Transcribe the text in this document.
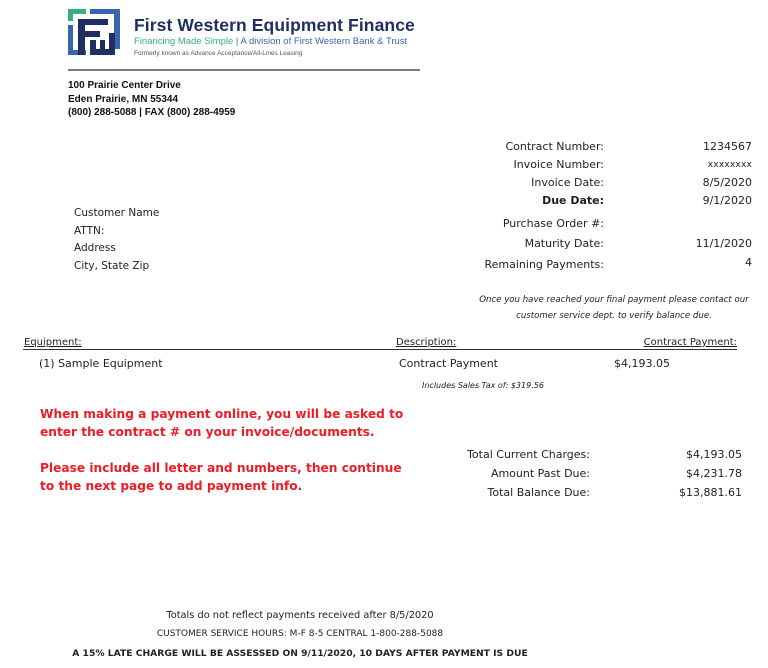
First Western Equipment Finance
Financing Made Simple | A division of First Western Bank & Trust
Formerly known as Advance Acceptance/All-Lines Leasing
100 Prairie Center Drive
Eden Prairie, MN 55344
(800) 288-5088 | FAX (800) 288-4959
Contract Number:	1234567
Invoice Number:	xxxxxxxx
Invoice Date:	8/5/2020
Due Date:	9/1/2020
Purchase Order #:
Maturity Date:	11/1/2020
Remaining Payments:	4
Customer Name
ATTN:
Address
City, State Zip
Once you have reached your final payment please contact our
customer service dept. to verify balance due.
Equipment:	Description:	Contract Payment:
(1) Sample Equipment	Contract Payment	$4,193.05
Includes Sales Tax of: $319.56

When making a payment online, you will be asked to enter the contract # on your invoice/documents.

Please include all letter and numbers, then continue to the next page to add payment info.

Total Current Charges:	$4,193.05
Amount Past Due:	$4,231.78
Total Balance Due:	$13,881.61
Totals do not reflect payments received after 8/5/2020
CUSTOMER SERVICE HOURS: M-F 8-5 CENTRAL 1-800-288-5088
A 15% LATE CHARGE WILL BE ASSESSED ON 9/11/2020, 10 DAYS AFTER PAYMENT IS DUE
